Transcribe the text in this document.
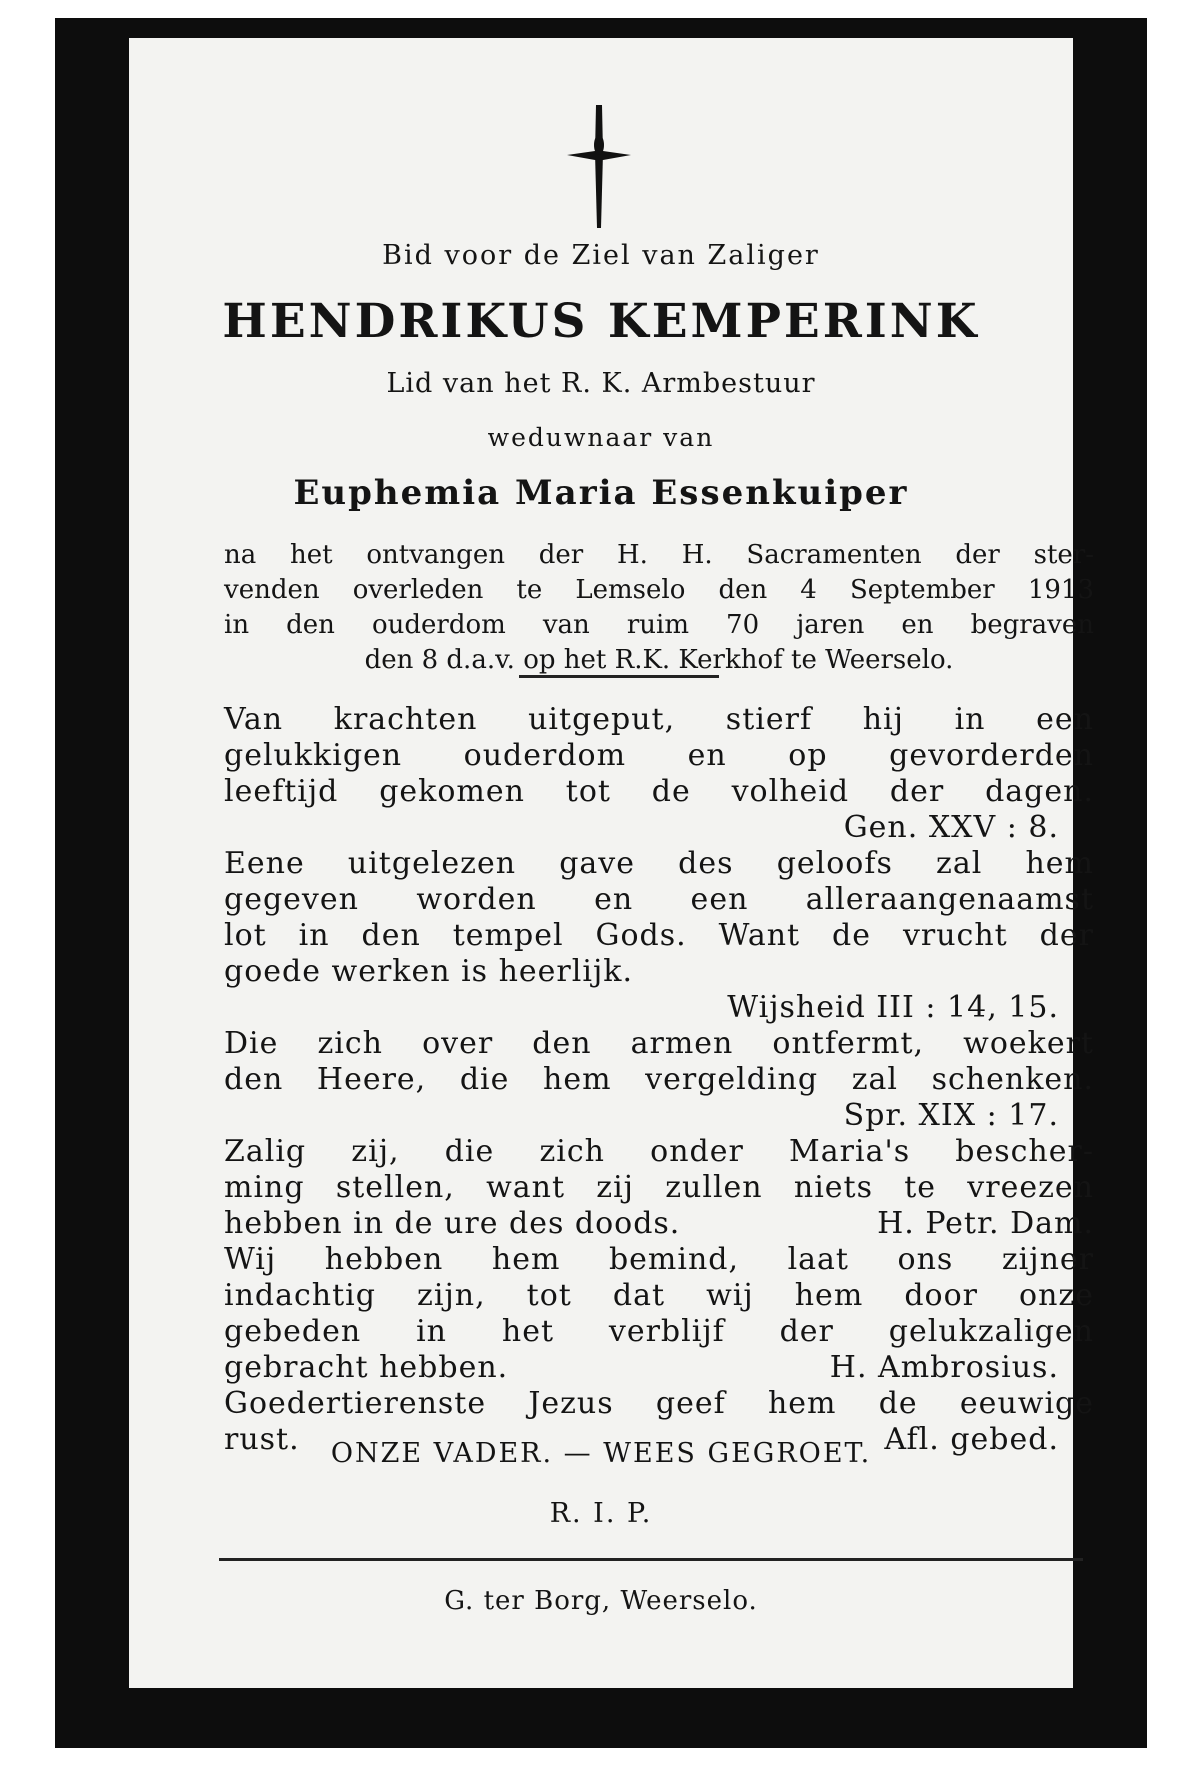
Bid voor de Ziel van Zaliger
HENDRIKUS KEMPERINK
Lid van het R. K. Armbestuur
weduwnaar van
Euphemia Maria Essenkuiper
na het ontvangen der H. H. Sacramenten der ster-
venden overleden te Lemselo den 4 September 1913
in den ouderdom van ruim 70 jaren en begraven
den 8 d.a.v. op het R.K. Kerkhof te Weerselo.
Van krachten uitgeput, stierf hij in een
gelukkigen ouderdom en op gevorderden
leeftijd gekomen tot de volheid der dagen.
Gen. XXV : 8.
Eene uitgelezen gave des geloofs zal hem
gegeven worden en een alleraangenaamst
lot in den tempel Gods. Want de vrucht der
goede werken is heerlijk.
Wijsheid III : 14, 15.
Die zich over den armen ontfermt, woekert
den Heere, die hem vergelding zal schenken.
Spr. XIX : 17.
Zalig zij, die zich onder Maria's bescher-
ming stellen, want zij zullen niets te vreezen
hebben in de ure des doods.	H. Petr. Dam.
Wij hebben hem bemind, laat ons zijner
indachtig zijn, tot dat wij hem door onze
gebeden in het verblijf der gelukzaligen
gebracht hebben.	H. Ambrosius.
Goedertierenste Jezus geef hem de eeuwige
rust.	Afl. gebed.
ONZE VADER. — WEES GEGROET.
R. I. P.
G. ter Borg, Weerselo.
